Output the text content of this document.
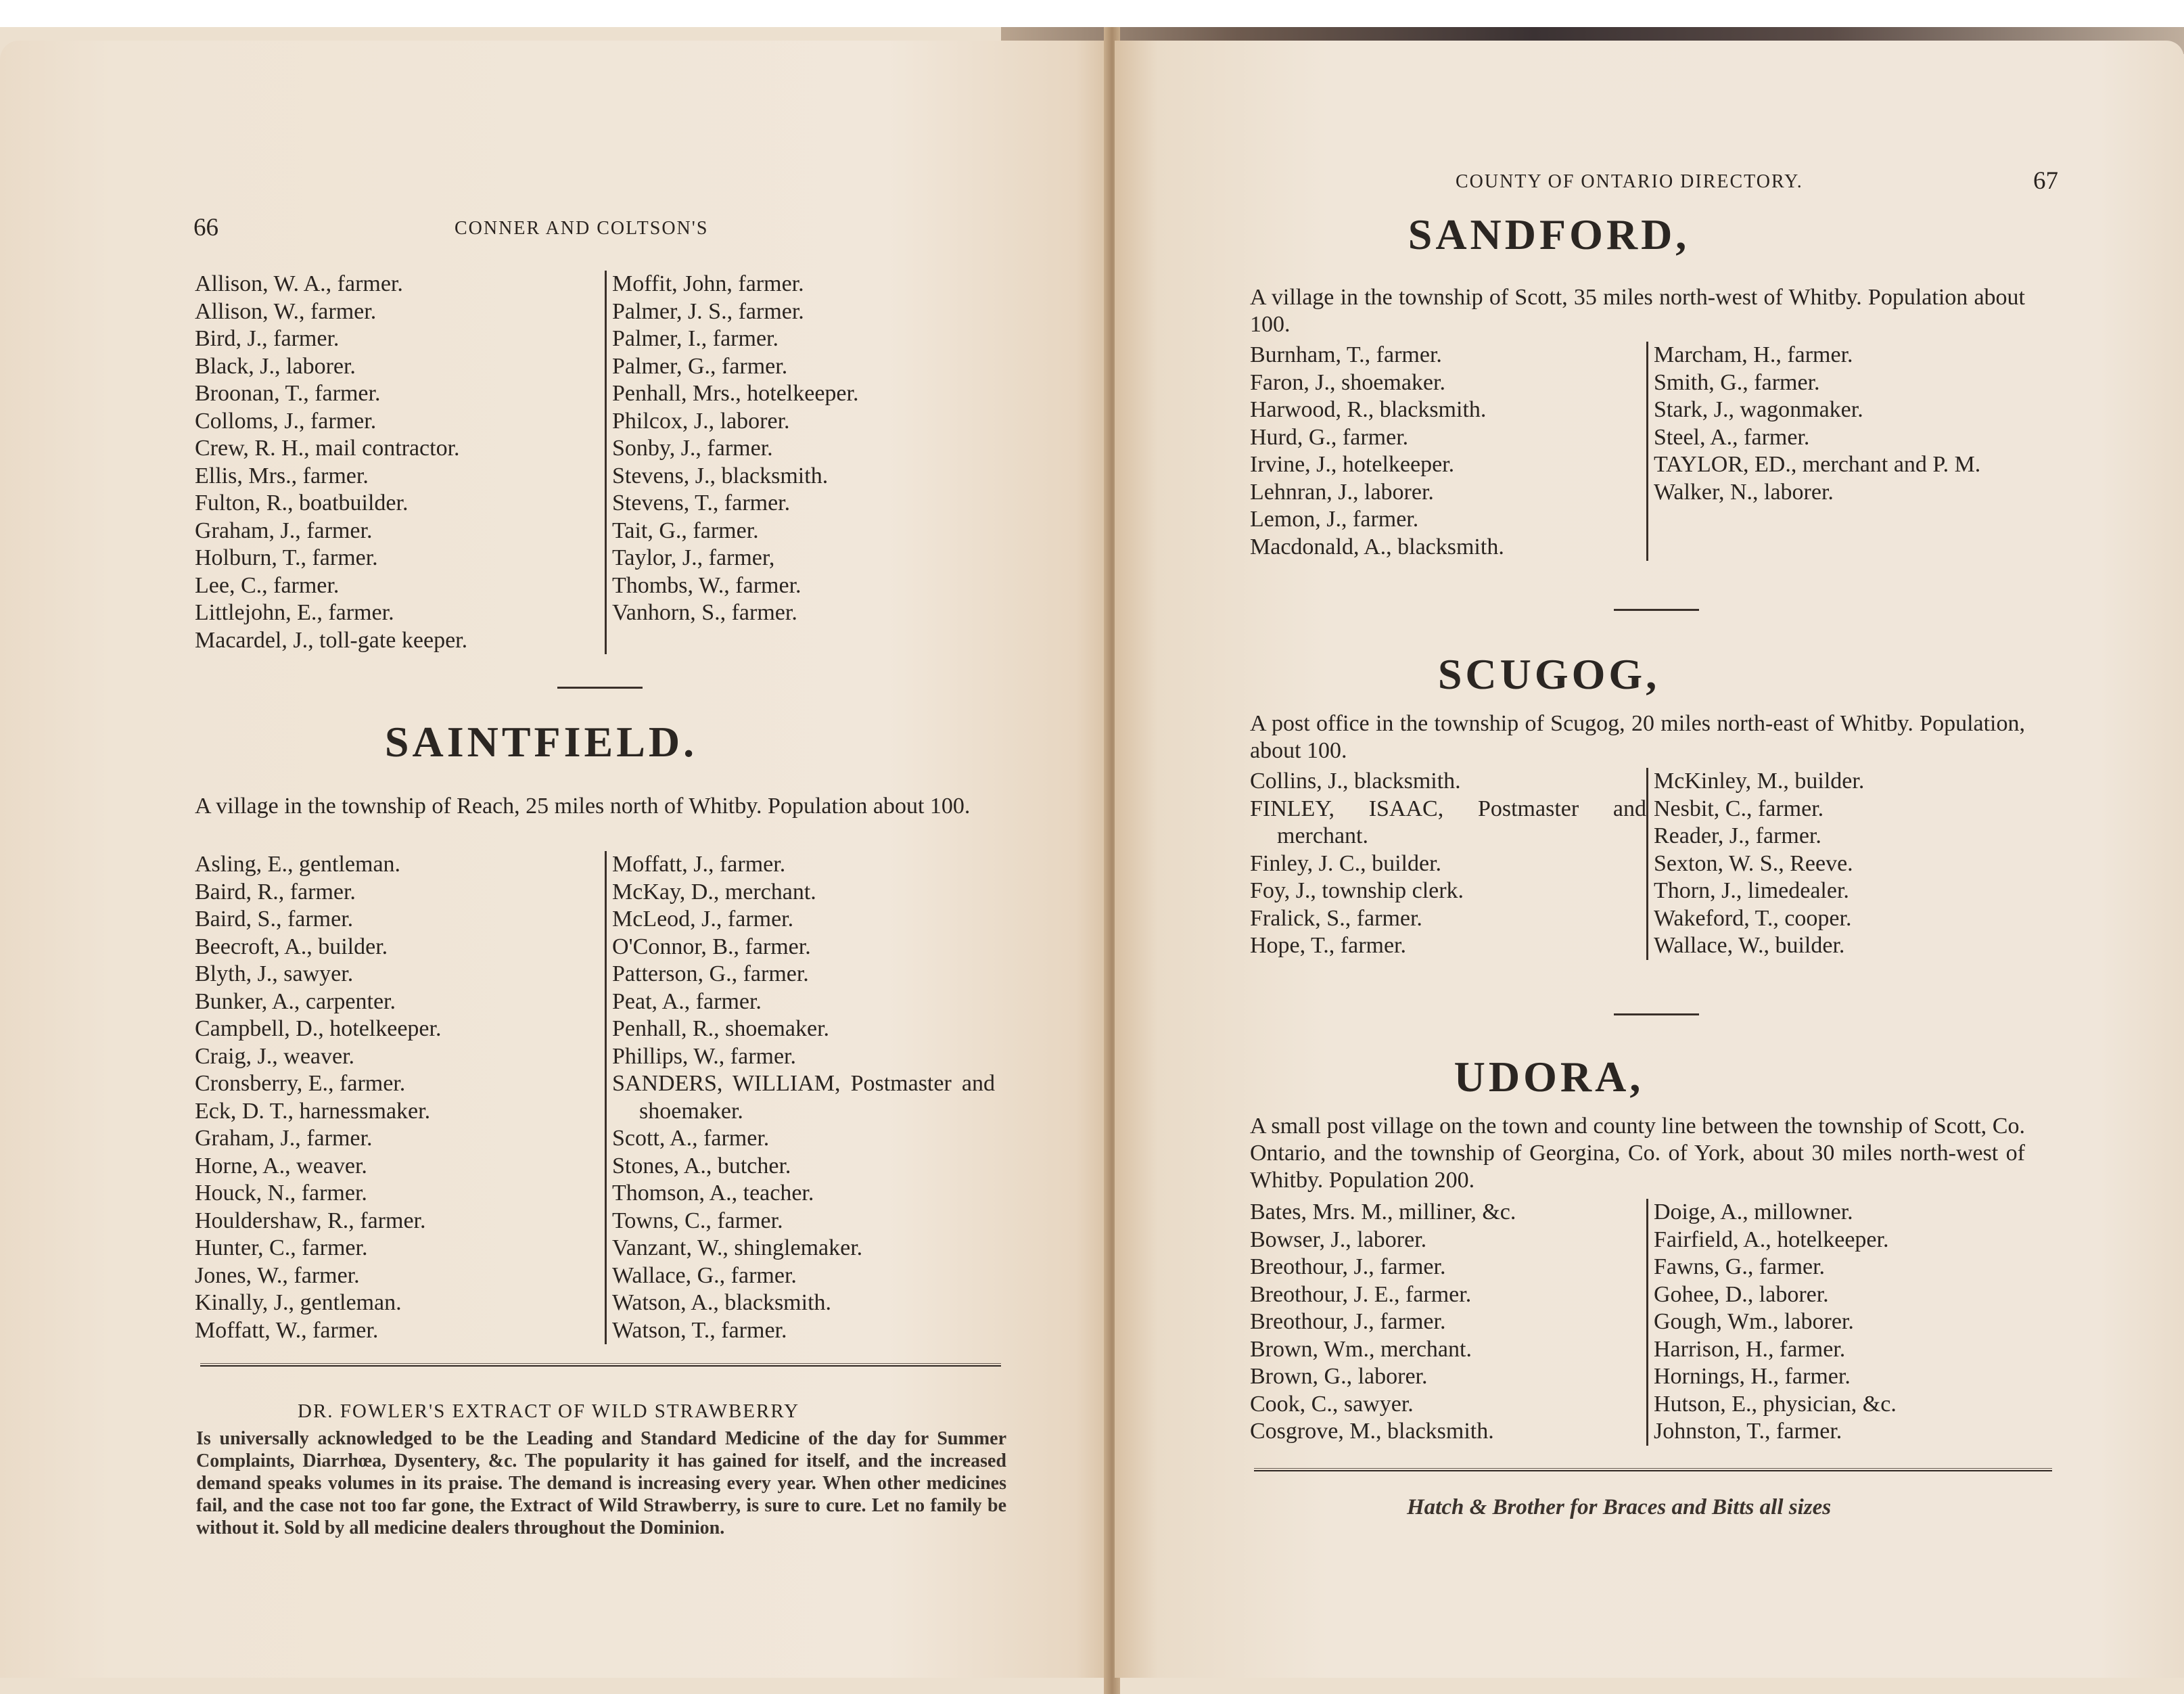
66	CONNER AND COLTSON'S
Allison, W. A., farmer.
Allison, W., farmer.
Bird, J., farmer.
Black, J., laborer.
Broonan, T., farmer.
Colloms, J., farmer.
Crew, R. H., mail contractor.
Ellis, Mrs., farmer.
Fulton, R., boatbuilder.
Graham, J., farmer.
Holburn, T., farmer.
Lee, C., farmer.
Littlejohn, E., farmer.
Macardel, J., toll-gate keeper.
Moffit, John, farmer.
Palmer, J. S., farmer.
Palmer, I., farmer.
Palmer, G., farmer.
Penhall, Mrs., hotelkeeper.
Philcox, J., laborer.
Sonby, J., farmer.
Stevens, J., blacksmith.
Stevens, T., farmer.
Tait, G., farmer.
Taylor, J., farmer,
Thombs, W., farmer.
Vanhorn, S., farmer.
SAINTFIELD.
A village in the township of Reach, 25 miles north of Whitby. Population about 100.
Asling, E., gentleman.
Baird, R., farmer.
Baird, S., farmer.
Beecroft, A., builder.
Blyth, J., sawyer.
Bunker, A., carpenter.
Campbell, D., hotelkeeper.
Craig, J., weaver.
Cronsberry, E., farmer.
Eck, D. T., harnessmaker.
Graham, J., farmer.
Horne, A., weaver.
Houck, N., farmer.
Houldershaw, R., farmer.
Hunter, C., farmer.
Jones, W., farmer.
Kinally, J., gentleman.
Moffatt, W., farmer.
Moffatt, J., farmer.
McKay, D., merchant.
McLeod, J., farmer.
O'Connor, B., farmer.
Patterson, G., farmer.
Peat, A., farmer.
Penhall, R., shoemaker.
Phillips, W., farmer.
SANDERS, WILLIAM, Postmaster and shoemaker.
Scott, A., farmer.
Stones, A., butcher.
Thomson, A., teacher.
Towns, C., farmer.
Vanzant, W., shinglemaker.
Wallace, G., farmer.
Watson, A., blacksmith.
Watson, T., farmer.
DR. FOWLER'S EXTRACT OF WILD STRAWBERRY
Is universally acknowledged to be the Leading and Standard Medicine of the day for Summer Complaints, Diarrhœa, Dysentery, &c. The popularity it has gained for itself, and the increased demand speaks volumes in its praise. The demand is increasing every year. When other medicines fail, and the case not too far gone, the Extract of Wild Strawberry, is sure to cure. Let no family be without it. Sold by all medicine dealers throughout the Dominion.
COUNTY OF ONTARIO DIRECTORY.	67
SANDFORD,
A village in the township of Scott, 35 miles north-west of Whitby. Population about 100.
Burnham, T., farmer.
Faron, J., shoemaker.
Harwood, R., blacksmith.
Hurd, G., farmer.
Irvine, J., hotelkeeper.
Lehnran, J., laborer.
Lemon, J., farmer.
Macdonald, A., blacksmith.
Marcham, H., farmer.
Smith, G., farmer.
Stark, J., wagonmaker.
Steel, A., farmer.
TAYLOR, ED., merchant and P. M.
Walker, N., laborer.
SCUGOG,
A post office in the township of Scugog, 20 miles north-east of Whitby. Population, about 100.
Collins, J., blacksmith.
FINLEY, ISAAC, Postmaster and merchant.
Finley, J. C., builder.
Foy, J., township clerk.
Fralick, S., farmer.
Hope, T., farmer.
McKinley, M., builder.
Nesbit, C., farmer.
Reader, J., farmer.
Sexton, W. S., Reeve.
Thorn, J., limedealer.
Wakeford, T., cooper.
Wallace, W., builder.
UDORA,
A small post village on the town and county line between the township of Scott, Co. Ontario, and the township of Georgina, Co. of York, about 30 miles north-west of Whitby. Population 200.
Bates, Mrs. M., milliner, &c.
Bowser, J., laborer.
Breothour, J., farmer.
Breothour, J. E., farmer.
Breothour, J., farmer.
Brown, Wm., merchant.
Brown, G., laborer.
Cook, C., sawyer.
Cosgrove, M., blacksmith.
Doige, A., millowner.
Fairfield, A., hotelkeeper.
Fawns, G., farmer.
Gohee, D., laborer.
Gough, Wm., laborer.
Harrison, H., farmer.
Hornings, H., farmer.
Hutson, E., physician, &c.
Johnston, T., farmer.
Hatch & Brother for Braces and Bitts all sizes
